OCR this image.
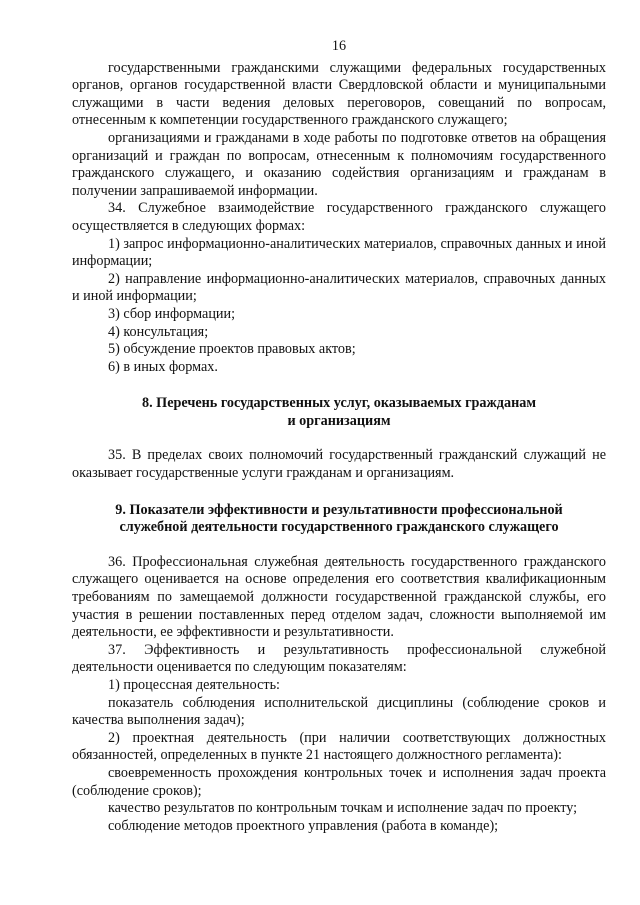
16

государственными гражданскими служащими федеральных государственных органов, органов государственной власти Свердловской области и муниципальными служащими в части ведения деловых переговоров, совещаний по вопросам, отнесенным к компетенции государственного гражданского служащего;

организациями и гражданами в ходе работы по подготовке ответов на обращения организаций и граждан по вопросам, отнесенным к полномочиям государственного гражданского служащего, и оказанию содействия организациям и гражданам в получении запрашиваемой информации.

34. Служебное взаимодействие государственного гражданского служащего осуществляется в следующих формах:

1) запрос информационно-аналитических материалов, справочных данных и иной информации;

2) направление информационно-аналитических материалов, справочных данных и иной информации;

3) сбор информации;

4) консультация;

5) обсуждение проектов правовых актов;

6) в иных формах.

8. Перечень государственных услуг, оказываемых гражданам
и организациям

35. В пределах своих полномочий государственный гражданский служащий не оказывает государственные услуги гражданам и организациям.

9. Показатели эффективности и результативности профессиональной
служебной деятельности государственного гражданского служащего

36. Профессиональная служебная деятельность государственного гражданского служащего оценивается на основе определения его соответствия квалификационным требованиям по замещаемой должности государственной гражданской службы, его участия в решении поставленных перед отделом задач, сложности выполняемой им деятельности, ее эффективности и результативности.

37. Эффективность и результативность профессиональной служебной деятельности оценивается по следующим показателям:

1) процессная деятельность:

показатель соблюдения исполнительской дисциплины (соблюдение сроков и качества выполнения задач);

2) проектная деятельность (при наличии соответствующих должностных обязанностей, определенных в пункте 21 настоящего должностного регламента):

своевременность прохождения контрольных точек и исполнения задач проекта (соблюдение сроков);

качество результатов по контрольным точкам и исполнение задач по проекту;

соблюдение методов проектного управления (работа в команде);
